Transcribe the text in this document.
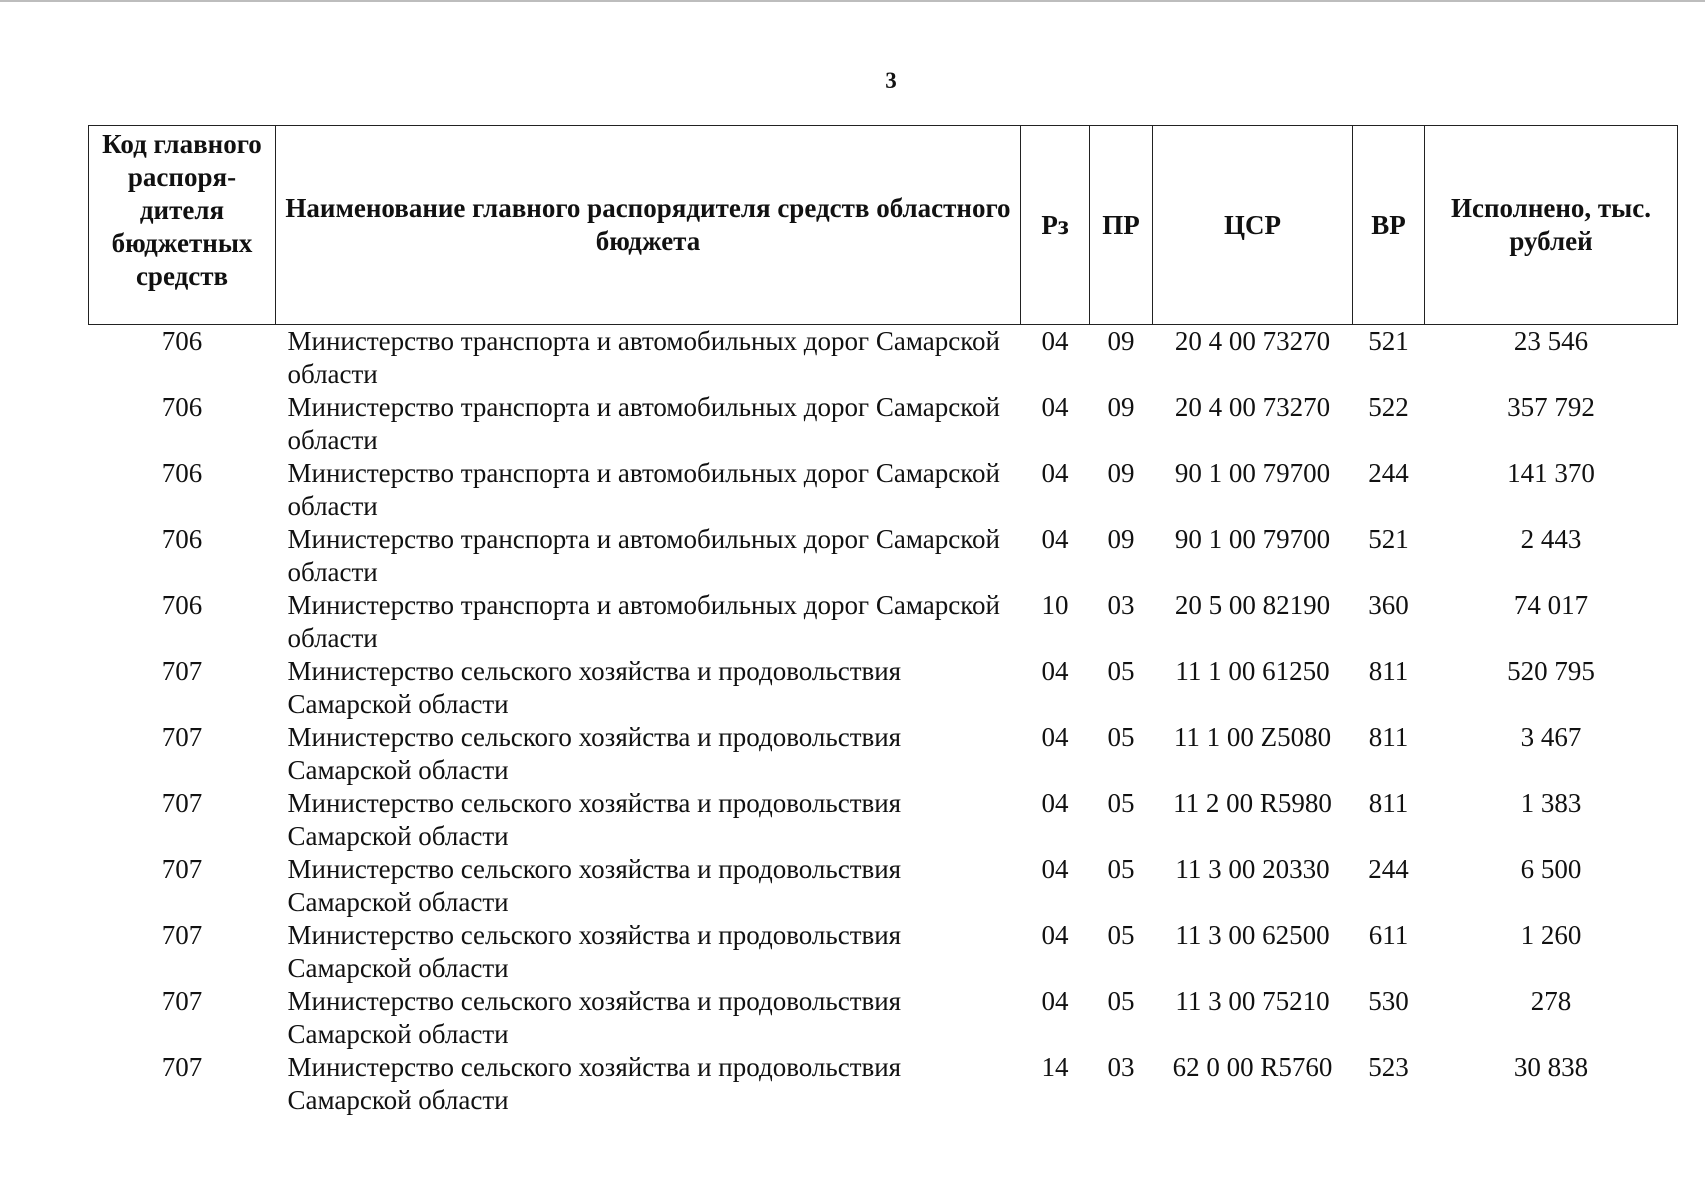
3
Код главного распоря-дителя бюджетных средств	Наименование главного распорядителя средств областного бюджета	Рз	ПР	ЦСР	ВР	Исполнено, тыс. рублей
706	Министерство транспорта и автомобильных дорог Самарской области	04	09	20 4 00 73270	521	23 546
706	Министерство транспорта и автомобильных дорог Самарской области	04	09	20 4 00 73270	522	357 792
706	Министерство транспорта и автомобильных дорог Самарской области	04	09	90 1 00 79700	244	141 370
706	Министерство транспорта и автомобильных дорог Самарской области	04	09	90 1 00 79700	521	2 443
706	Министерство транспорта и автомобильных дорог Самарской области	10	03	20 5 00 82190	360	74 017
707	Министерство сельского хозяйства и продовольствия Самарской области	04	05	11 1 00 61250	811	520 795
707	Министерство сельского хозяйства и продовольствия Самарской области	04	05	11 1 00 Z5080	811	3 467
707	Министерство сельского хозяйства и продовольствия Самарской области	04	05	11 2 00 R5980	811	1 383
707	Министерство сельского хозяйства и продовольствия Самарской области	04	05	11 3 00 20330	244	6 500
707	Министерство сельского хозяйства и продовольствия Самарской области	04	05	11 3 00 62500	611	1 260
707	Министерство сельского хозяйства и продовольствия Самарской области	04	05	11 3 00 75210	530	278
707	Министерство сельского хозяйства и продовольствия Самарской области	14	03	62 0 00 R5760	523	30 838
